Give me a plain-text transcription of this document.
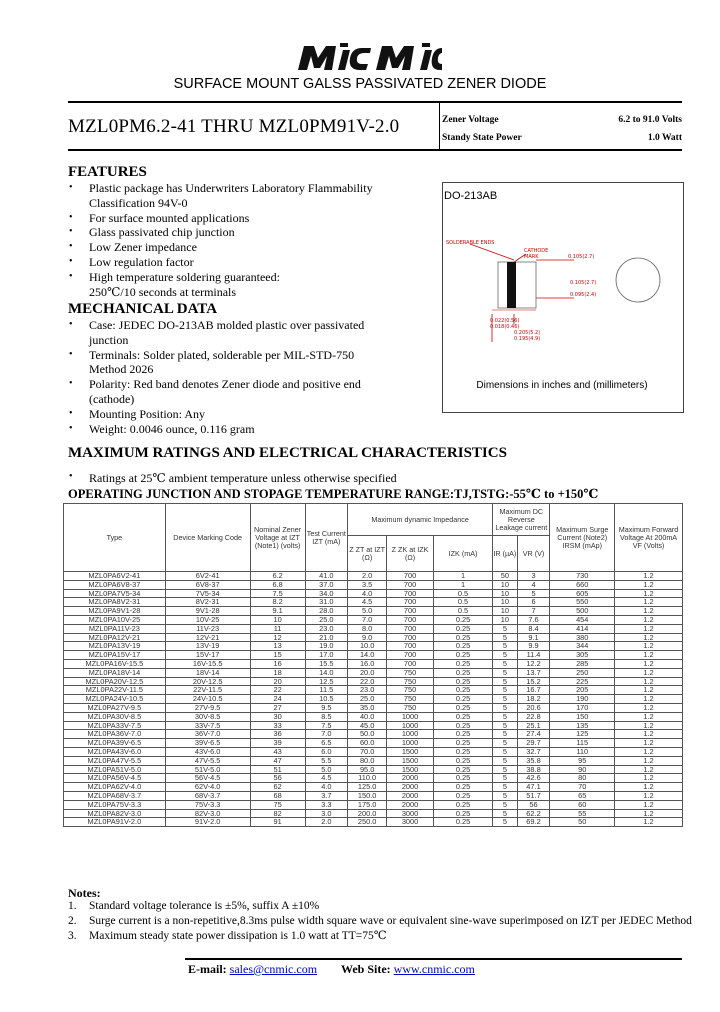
SURFACE MOUNT GALSS PASSIVATED ZENER DIODE
MZL0PM6.2-41 THRU MZL0PM91V-2.0	Zener Voltage	6.2 to 91.0 Volts
Standy State Power	1.0 Watt
FEATURES
• Plastic package has Underwriters Laboratory Flammability
Classification 94V-0
• For surface mounted applications
• Glass passivated chip junction
• Low Zener impedance
• Low regulation factor
• High temperature soldering guaranteed:
250℃/10 seconds at terminals
MECHANICAL DATA
• Case: JEDEC DO-213AB molded plastic over passivated
junction
• Terminals: Solder plated, solderable per MIL-STD-750
Method 2026
• Polarity: Red band denotes Zener diode and positive end
(cathode)
• Mounting Position: Any
• Weight: 0.0046 ounce, 0.116 gram
DO-213AB
SOLDERABLE ENDS
CATHODE
MARK	0.105(2.7)
0.105(2.7)
0.095(2.4)
0.022(0.56)
0.018(0.46)
0.205(5.2)
0.195(4.9)
Dimensions in inches and (millimeters)
MAXIMUM RATINGS AND ELECTRICAL CHARACTERISTICS
• Ratings at 25℃ ambient temperature unless otherwise specified
OPERATING JUNCTION AND STOPAGE TEMPERATURE RANGE:TJ,TSTG:-55℃ to +150℃
Type	Device Marking Code	Nominal Zener Voltage at IZT (Note1) (volts)	Test Current IZT (mA)	Maximum dynamic Impedance			Maximum DC Reverse Leakage current		Maximum Surge Current (Note2) IRSM (mAp)	Maximum Forward Voltage At 200mA VF (Volts)
				Z ZT at IZT (Ω)	Z ZK at IZK (Ω)	IZK (mA)	IR (µA)	VR (V)		
MZL0PA6V2-41	6V2-41	6.2	41.0	2.0	700	1	50	3	730	1.2
MZL0PA6V8-37	6V8-37	6.8	37.0	3.5	700	1	10	4	660	1.2
MZL0PA7V5-34	7V5-34	7.5	34.0	4.0	700	0.5	10	5	605	1.2
MZL0PA8V2-31	8V2-31	8.2	31.0	4.5	700	0.5	10	6	550	1.2
MZL0PA9V1-28	9V1-28	9.1	28.0	5.0	700	0.5	10	7	500	1.2
MZL0PA10V-25	10V-25	10	25.0	7.0	700	0.25	10	7.6	454	1.2
MZL0PA11V-23	11V-23	11	23.0	8.0	700	0.25	5	8.4	414	1.2
MZL0PA12V-21	12V-21	12	21.0	9.0	700	0.25	5	9.1	380	1.2
MZL0PA13V-19	13V-19	13	19.0	10.0	700	0.25	5	9.9	344	1.2
MZL0PA15V-17	15V-17	15	17.0	14.0	700	0.25	5	11.4	305	1.2
MZL0PA16V-15.5	16V-15.5	16	15.5	16.0	700	0.25	5	12.2	285	1.2
MZL0PA18V-14	18V-14	18	14.0	20.0	750	0.25	5	13.7	250	1.2
MZL0PA20V-12.5	20V-12.5	20	12.5	22.0	750	0.25	5	15.2	225	1.2
MZL0PA22V-11.5	22V-11.5	22	11.5	23.0	750	0.25	5	16.7	205	1.2
MZL0PA24V-10.5	24V-10.5	24	10.5	25.0	750	0.25	5	18.2	190	1.2
MZL0PA27V-9.5	27V-9.5	27	9.5	35.0	750	0.25	5	20.6	170	1.2
MZL0PA30V-8.5	30V-8.5	30	8.5	40.0	1000	0.25	5	22.8	150	1.2
MZL0PA33V-7.5	33V-7.5	33	7.5	45.0	1000	0.25	5	25.1	135	1.2
MZL0PA36V-7.0	36V-7.0	36	7.0	50.0	1000	0.25	5	27.4	125	1.2
MZL0PA39V-6.5	39V-6.5	39	6.5	60.0	1000	0.25	5	29.7	115	1.2
MZL0PA43V-6.0	43V-6.0	43	6.0	70.0	1500	0.25	5	32.7	110	1.2
MZL0PA47V-5.5	47V-5.5	47	5.5	80.0	1500	0.25	5	35.8	95	1.2
MZL0PA51V-5.0	51V-5.0	51	5.0	95.0	1500	0.25	5	38.8	90	1.2
MZL0PA56V-4.5	56V-4.5	56	4.5	110.0	2000	0.25	5	42.6	80	1.2
MZL0PA62V-4.0	62V-4.0	62	4.0	125.0	2000	0.25	5	47.1	70	1.2
MZL0PA68V-3.7	68V-3.7	68	3.7	150.0	2000	0.25	5	51.7	65	1.2
MZL0PA75V-3.3	75V-3.3	75	3.3	175.0	2000	0.25	5	56	60	1.2
MZL0PA82V-3.0	82V-3.0	82	3.0	200.0	3000	0.25	5	62.2	55	1.2
MZL0PA91V-2.0	91V-2.0	91	2.0	250.0	3000	0.25	5	69.2	50	1.2
Notes:
1. Standard voltage tolerance is ±5%, suffix A ±10%
2. Surge current is a non-repetitive,8.3ms pulse width square wave or equivalent sine-wave superimposed on IZT per JEDEC Method
3. Maximum steady state power dissipation is 1.0 watt at TT=75℃
E-mail: sales@cnmic.com Web Site: www.cnmic.com
